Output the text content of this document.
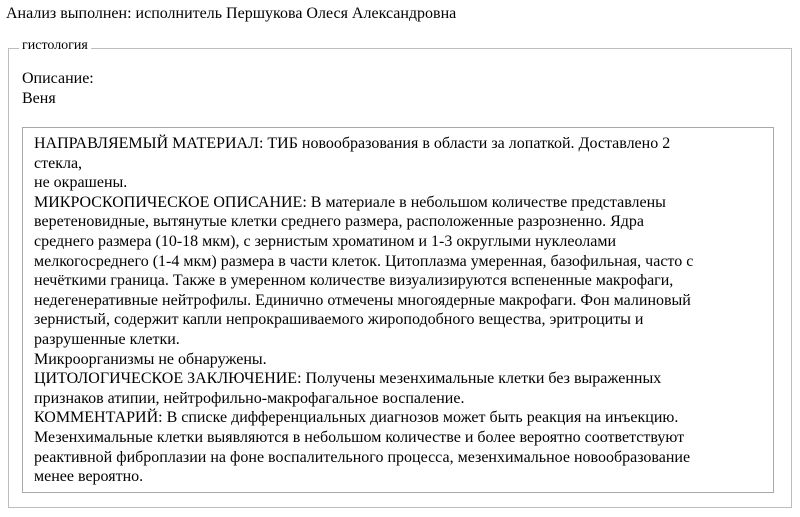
Анализ выполнен: исполнитель Першукова Олеся Александровна
гистология
Описание:
Веня
НАПРАВЛЯЕМЫЙ МАТЕРИАЛ: ТИБ новообразования в области за лопаткой. Доставлено 2
стекла,
не окрашены.
МИКРОСКОПИЧЕСКОЕ ОПИСАНИЕ: В материале в небольшом количестве представлены
веретеновидные, вытянутые клетки среднего размера, расположенные разрозненно. Ядра
среднего размера (10-18 мкм), с зернистым хроматином и 1-3 округлыми нуклеолами
мелкогосреднего (1-4 мкм) размера в части клеток. Цитоплазма умеренная, базофильная, часто с
нечёткими граница. Также в умеренном количестве визуализируются вспененные макрофаги,
недегенеративные нейтрофилы. Единично отмечены многоядерные макрофаги. Фон малиновый
зернистый, содержит капли непрокрашиваемого жироподобного вещества, эритроциты и
разрушенные клетки.
Микроорганизмы не обнаружены.
ЦИТОЛОГИЧЕСКОЕ ЗАКЛЮЧЕНИЕ: Получены мезенхимальные клетки без выраженных
признаков атипии, нейтрофильно-макрофагальное воспаление.
КОММЕНТАРИЙ: В списке дифференциальных диагнозов может быть реакция на инъекцию.
Мезенхимальные клетки выявляются в небольшом количестве и более вероятно соответствуют
реактивной фиброплазии на фоне воспалительного процесса, мезенхимальное новообразование
менее вероятно.
